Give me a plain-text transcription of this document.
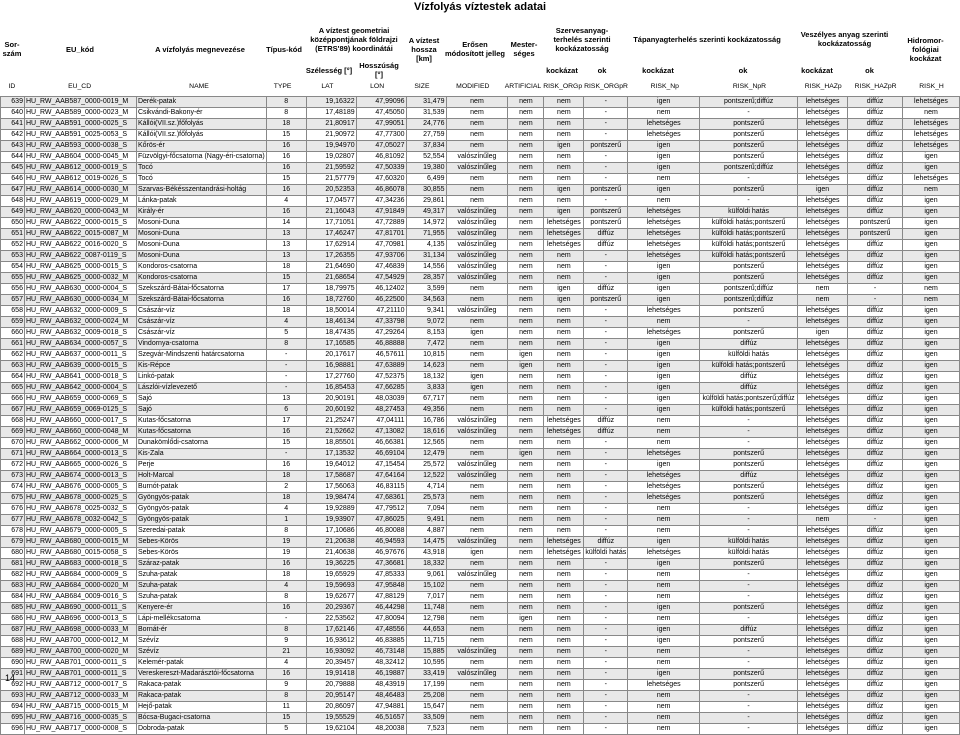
Vízfolyás víztestek adatai
Sor-szám	EU_kód	A vízfolyás megnevezése	Típus-kód	A víztest geometriai középpontjának földrajzi (ETRS'89) koordinátái		A víztest hossza [km]	Erősen módosított jelleg	Mester-séges	Szervesanyag-terhelés szerinti kockázatosság		Tápanyagterhelés szerinti kockázatosság		Veszélyes anyag szerinti kockázatosság		Hidromor-fológiai kockázat
				Szélesség [°]	Hosszúság [°]				kockázat	ok	kockázat	ok	kockázat	ok	
ID	EU_CD	NAME	TYPE	LAT	LON	SIZE	MODIFIED	ARTIFICIAL	RISK_ORGp	RISK_ORGpR	RISK_Np	RISK_NpR	RISK_HAZp	RISK_HAZpR	RISK_H
639	HU_RW_AAB587_0000-0019_M	Derék-patak	8	19,16322	47,99096	31,479	nem	nem	nem	-	igen	pontszerű;diffúz	lehetséges	diffúz	lehetséges
640	HU_RW_AAB589_0000-0023_M	Csikvándi-Bakony-ér	8	17,48189	47,45050	31,539	nem	nem	nem	-	nem	-	lehetséges	diffúz	nem
641	HU_RW_AAB591_0000-0025_S	Kállói(VII.sz.)főfolyás	18	21,80917	47,99051	24,776	nem	nem	nem	-	lehetséges	pontszerű	lehetséges	diffúz	lehetséges
642	HU_RW_AAB591_0025-0053_S	Kállói(VII.sz.)főfolyás	15	21,90972	47,77300	27,759	nem	nem	nem	-	lehetséges	pontszerű	lehetséges	diffúz	lehetséges
643	HU_RW_AAB593_0000-0038_S	Kőrös-ér	16	19,94970	47,05027	37,834	nem	nem	igen	pontszerű	igen	pontszerű	lehetséges	diffúz	lehetséges
644	HU_RW_AAB604_0000-0045_M	Füzvölgyi-főcsatorna (Nagy-éri-csatorna)	16	19,02807	46,81092	52,554	valószínűleg	nem	nem	-	igen	pontszerű	lehetséges	diffúz	igen
645	HU_RW_AAB612_0000-0019_S	Tocó	16	21,59592	47,50339	19,380	valószínűleg	nem	nem	-	igen	pontszerű;diffúz	lehetséges	diffúz	igen
646	HU_RW_AAB612_0019-0026_S	Tocó	15	21,57779	47,60320	6,499	nem	nem	nem	-	nem	-	lehetséges	diffúz	lehetséges
647	HU_RW_AAB614_0000-0030_M	Szarvas-Békésszentandrási-holtág	16	20,52353	46,86078	30,855	nem	nem	igen	pontszerű	igen	pontszerű	igen	diffúz	nem
648	HU_RW_AAB619_0000-0029_M	Lánka-patak	4	17,04577	47,34236	29,861	nem	nem	nem	-	nem	-	lehetséges	diffúz	igen
649	HU_RW_AAB620_0000-0043_M	Király-ér	16	21,16043	47,91849	49,317	valószínűleg	nem	igen	pontszerű	lehetséges	külföldi hatás	lehetséges	diffúz	igen
650	HU_RW_AAB622_0000-0015_S	Mosoni-Duna	14	17,71051	47,72889	14,972	valószínűleg	nem	lehetséges	pontszerű	lehetséges	külföldi hatás;pontszerű	lehetséges	pontszerű	igen
651	HU_RW_AAB622_0015-0087_M	Mosoni-Duna	13	17,46247	47,81701	71,955	valószínűleg	nem	lehetséges	diffúz	lehetséges	külföldi hatás;pontszerű	lehetséges	pontszerű	igen
652	HU_RW_AAB622_0016-0020_S	Mosoni-Duna	13	17,62914	47,70981	4,135	valószínűleg	nem	lehetséges	diffúz	lehetséges	külföldi hatás;pontszerű	lehetséges	diffúz	igen
653	HU_RW_AAB622_0087-0119_S	Mosoni-Duna	13	17,26355	47,93706	31,134	valószínűleg	nem	nem	-	lehetséges	külföldi hatás;pontszerű	lehetséges	diffúz	igen
654	HU_RW_AAB625_0000-0015_S	Kondoros-csatorna	18	21,64690	47,46839	14,556	valószínűleg	nem	nem	-	igen	pontszerű	lehetséges	diffúz	igen
655	HU_RW_AAB625_0000-0032_M	Kondoros-csatorna	15	21,68654	47,54929	28,357	valószínűleg	nem	nem	-	igen	pontszerű	lehetséges	diffúz	igen
656	HU_RW_AAB630_0000-0004_S	Szekszárd-Bátai-főcsatorna	17	18,79975	46,12402	3,599	nem	nem	igen	diffúz	igen	pontszerű;diffúz	nem	-	nem
657	HU_RW_AAB630_0000-0034_M	Szekszárd-Bátai-főcsatorna	16	18,72760	46,22500	34,563	nem	nem	igen	pontszerű	igen	pontszerű;diffúz	nem	-	nem
658	HU_RW_AAB632_0000-0009_S	Császár-víz	18	18,50014	47,21110	9,341	valószínűleg	nem	nem	-	lehetséges	pontszerű	lehetséges	diffúz	igen
659	HU_RW_AAB632_0000-0024_M	Császár-víz	4	18,46134	47,33798	9,072	nem	nem	nem	-	nem	-	lehetséges	diffúz	igen
660	HU_RW_AAB632_0009-0018_S	Császár-víz	5	18,47435	47,29264	8,153	igen	nem	nem	-	lehetséges	pontszerű	igen	diffúz	igen
661	HU_RW_AAB634_0000-0057_S	Vindornya-csatorna	8	17,16585	46,88888	7,472	nem	nem	nem	-	igen	diffúz	lehetséges	diffúz	igen
662	HU_RW_AAB637_0000-0011_S	Szegvár-Mindszenti határcsatorna	-	20,17617	46,57611	10,815	nem	igen	nem	-	igen	külföldi hatás	lehetséges	diffúz	igen
663	HU_RW_AAB639_0000-0015_S	Kis-Répce	-	16,98881	47,63889	14,623	nem	igen	nem	-	igen	külföldi hatás;pontszerű	lehetséges	diffúz	igen
664	HU_RW_AAB641_0000-0018_S	Linkó-patak	-	17,27760	47,52375	18,132	igen	nem	nem	-	igen	diffúz	lehetséges	diffúz	igen
665	HU_RW_AAB642_0000-0004_S	Lászlói-vízlevezető	-	16,85453	47,66285	3,833	igen	nem	nem	-	igen	diffúz	lehetséges	diffúz	igen
666	HU_RW_AAB659_0000-0069_S	Sajó	13	20,90191	48,03039	67,717	nem	nem	nem	-	igen	külföldi hatás;pontszerű;diffúz	lehetséges	diffúz	igen
667	HU_RW_AAB659_0069-0125_S	Sajó	6	20,60192	48,27453	49,356	nem	nem	nem	-	igen	külföldi hatás;pontszerű	lehetséges	diffúz	igen
668	HU_RW_AAB660_0000-0017_S	Kutas-főcsatorna	17	21,25247	47,04111	16,786	valószínűleg	nem	lehetséges	diffúz	nem	-	lehetséges	diffúz	igen
669	HU_RW_AAB660_0000-0048_M	Kutas-főcsatorna	16	21,52662	47,13082	18,616	valószínűleg	nem	lehetséges	diffúz	nem	-	lehetséges	diffúz	igen
670	HU_RW_AAB662_0000-0006_M	Dunakömlődi-csatorna	15	18,85501	46,66381	12,565	nem	nem	nem	-	nem	-	lehetséges	diffúz	igen
671	HU_RW_AAB664_0000-0013_S	Kis-Zala	-	17,13532	46,69104	12,479	nem	igen	nem	-	lehetséges	pontszerű	lehetséges	diffúz	igen
672	HU_RW_AAB665_0000-0026_S	Perje	16	19,64012	47,15454	25,572	valószínűleg	nem	nem	-	igen	pontszerű	lehetséges	diffúz	igen
673	HU_RW_AAB674_0000-0013_S	Holt-Marcal	18	17,58687	47,64164	12,522	valószínűleg	nem	nem	-	lehetséges	diffúz	lehetséges	diffúz	igen
674	HU_RW_AAB676_0000-0005_S	Burnót-patak	2	17,56063	46,83115	4,714	nem	nem	nem	-	lehetséges	pontszerű	lehetséges	diffúz	igen
675	HU_RW_AAB678_0000-0025_S	Gyöngyös-patak	18	19,98474	47,68361	25,573	nem	nem	nem	-	lehetséges	pontszerű	lehetséges	diffúz	igen
676	HU_RW_AAB678_0025-0032_S	Gyöngyös-patak	4	19,92889	47,79512	7,094	nem	nem	nem	-	nem	-	lehetséges	diffúz	igen
677	HU_RW_AAB678_0032-0042_S	Gyöngyös-patak	1	19,93907	47,86025	9,491	nem	nem	nem	-	nem	-	nem	-	igen
678	HU_RW_AAB679_0000-0005_S	Szeredai-patak	8	17,10686	46,80088	4,887	nem	nem	nem	-	nem	-	lehetséges	diffúz	igen
679	HU_RW_AAB680_0000-0015_M	Sebes-Körös	19	21,20638	46,94593	14,475	valószínűleg	nem	lehetséges	diffúz	igen	külföldi hatás	lehetséges	diffúz	igen
680	HU_RW_AAB680_0015-0058_S	Sebes-Körös	19	21,40638	46,97676	43,918	igen	nem	lehetséges	külföldi hatás	lehetséges	külföldi hatás	lehetséges	diffúz	igen
681	HU_RW_AAB683_0000-0018_S	Száraz-patak	16	19,36225	47,36681	18,332	nem	nem	nem	-	igen	pontszerű	lehetséges	diffúz	igen
682	HU_RW_AAB684_0000-0009_S	Szuha-patak	18	19,65929	47,85333	9,061	valószínűleg	nem	nem	-	nem	-	lehetséges	diffúz	igen
683	HU_RW_AAB684_0000-0020_M	Szuha-patak	4	19,59693	47,95848	15,102	nem	nem	nem	-	nem	-	lehetséges	diffúz	igen
684	HU_RW_AAB684_0009-0016_S	Szuha-patak	8	19,62677	47,88129	7,017	nem	nem	nem	-	nem	-	lehetséges	diffúz	igen
685	HU_RW_AAB690_0000-0011_S	Kenyere-ér	16	20,29367	46,44298	11,748	nem	nem	nem	-	igen	pontszerű	lehetséges	diffúz	igen
686	HU_RW_AAB696_0000-0013_S	Lápi-mellékcsatorna	-	22,53562	47,80094	12,798	nem	igen	nem	-	nem	-	lehetséges	diffúz	igen
687	HU_RW_AAB698_0000-0033_M	Bornát-ér	8	17,62146	47,48556	44,653	nem	nem	nem	-	igen	diffúz	lehetséges	diffúz	igen
688	HU_RW_AAB700_0000-0012_M	Szévíz	9	16,93612	46,83885	11,715	nem	nem	nem	-	igen	pontszerű	lehetséges	diffúz	igen
689	HU_RW_AAB700_0000-0020_M	Szévíz	21	16,93092	46,73148	15,885	valószínűleg	nem	nem	-	nem	-	lehetséges	diffúz	igen
690	HU_RW_AAB701_0000-0011_S	Kelemér-patak	4	20,39457	48,32412	10,595	nem	nem	nem	-	nem	-	lehetséges	diffúz	igen
691	HU_RW_AAB701_0000-0011_S	Vereskereszt-Madarásztói-főcsatorna	16	19,91418	46,19887	33,419	valószínűleg	nem	nem	-	igen	pontszerű	lehetséges	diffúz	igen
692	HU_RW_AAB712_0000-0017_S	Rakaca-patak	9	20,79888	48,43919	17,199	nem	nem	nem	-	lehetséges	pontszerű	lehetséges	diffúz	igen
693	HU_RW_AAB712_0000-0033_M	Rakaca-patak	8	20,95147	48,46483	25,208	nem	nem	nem	-	nem	-	lehetséges	diffúz	igen
694	HU_RW_AAB715_0000-0015_M	Hejő-patak	11	20,86097	47,94881	15,647	nem	nem	nem	-	nem	-	lehetséges	diffúz	igen
695	HU_RW_AAB716_0000-0035_S	Bócsa-Bugaci-csatorna	15	19,55529	46,51657	33,509	nem	nem	nem	-	nem	-	lehetséges	diffúz	igen
696	HU_RW_AAB717_0000-0008_S	Dobroda-patak	5	19,62104	48,20038	7,523	nem	nem	nem	-	nem	-	lehetséges	diffúz	igen
14
